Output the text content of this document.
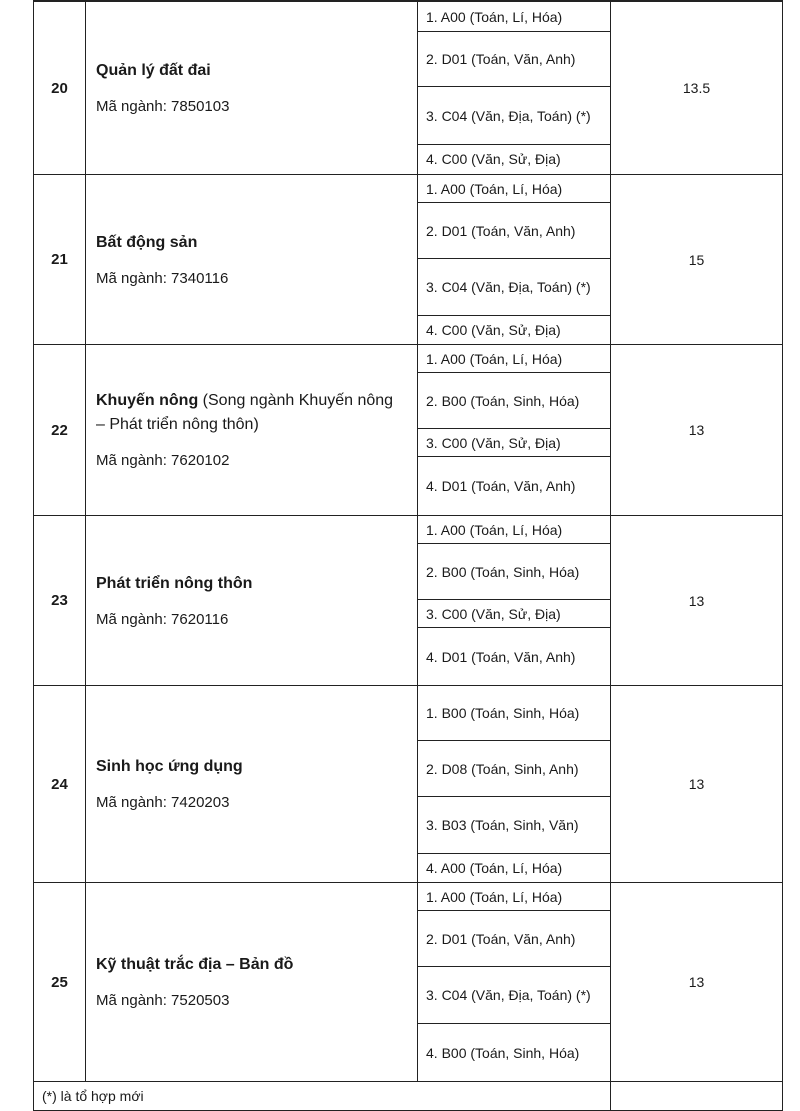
20

Quản lý đất đai

Mã ngành: 7850103
1. A00 (Toán, Lí, Hóa)
2. D01 (Toán, Văn, Anh)
3. C04 (Văn, Địa, Toán) (*)
4. C00 (Văn, Sử, Địa)
13.5
21

Bất động sản

Mã ngành: 7340116
1. A00 (Toán, Lí, Hóa)
2. D01 (Toán, Văn, Anh)
3. C04 (Văn, Địa, Toán) (*)
4. C00 (Văn, Sử, Địa)
15
22

Khuyến nông (Song ngành Khuyến nông – Phát triển nông thôn)

Mã ngành: 7620102
1. A00 (Toán, Lí, Hóa)
2. B00 (Toán, Sinh, Hóa)
3. C00 (Văn, Sử, Địa)
4. D01 (Toán, Văn, Anh)
13
23

Phát triển nông thôn

Mã ngành: 7620116
1. A00 (Toán, Lí, Hóa)
2. B00 (Toán, Sinh, Hóa)
3. C00 (Văn, Sử, Địa)
4. D01 (Toán, Văn, Anh)
13
24

Sinh học ứng dụng

Mã ngành: 7420203
1. B00 (Toán, Sinh, Hóa)
2. D08 (Toán, Sinh, Anh)
3. B03 (Toán, Sinh, Văn)
4. A00 (Toán, Lí, Hóa)
13
25

Kỹ thuật trắc địa – Bản đồ

Mã ngành: 7520503
1. A00 (Toán, Lí, Hóa)
2. D01 (Toán, Văn, Anh)
3. C04 (Văn, Địa, Toán) (*)
4. B00 (Toán, Sinh, Hóa)
13
(*) là tổ hợp mới
